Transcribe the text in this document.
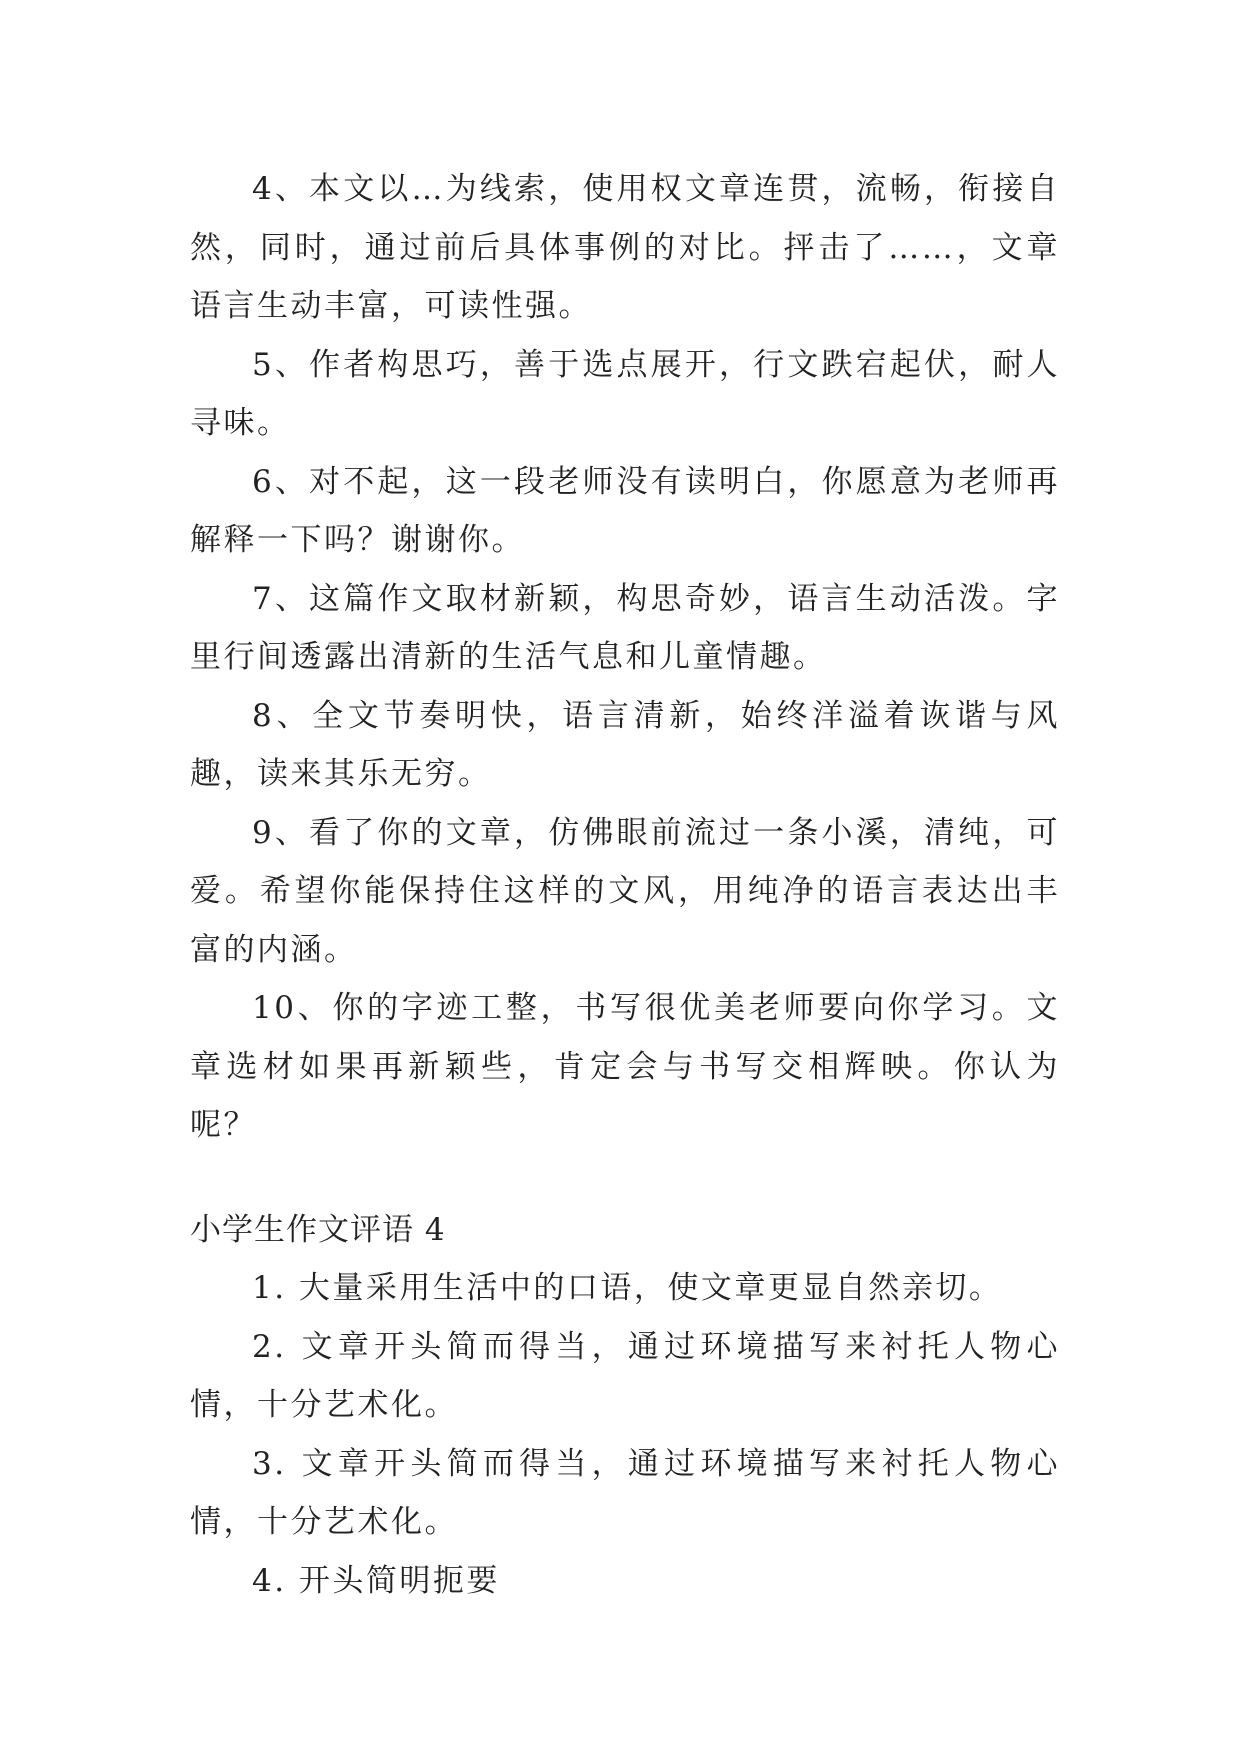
4、本文以…为线索，使用权文章连贯，流畅，衔接自然，同时，通过前后具体事例的对比。抨击了……，文章语言生动丰富，可读性强。

5、作者构思巧，善于选点展开，行文跌宕起伏，耐人寻味。

6、对不起，这一段老师没有读明白，你愿意为老师再解释一下吗？谢谢你。

7、这篇作文取材新颖，构思奇妙，语言生动活泼。字里行间透露出清新的生活气息和儿童情趣。

8、全文节奏明快，语言清新，始终洋溢着诙谐与风趣，读来其乐无穷。

9、看了你的文章，仿佛眼前流过一条小溪，清纯，可爱。希望你能保持住这样的文风，用纯净的语言表达出丰富的内涵。

10、你的字迹工整，书写很优美老师要向你学习。文章选材如果再新颖些，肯定会与书写交相辉映。你认为呢？

小学生作文评语 4

1. 大量采用生活中的口语，使文章更显自然亲切。

2. 文章开头简而得当，通过环境描写来衬托人物心情，十分艺术化。

3. 文章开头简而得当，通过环境描写来衬托人物心情，十分艺术化。

4. 开头简明扼要
